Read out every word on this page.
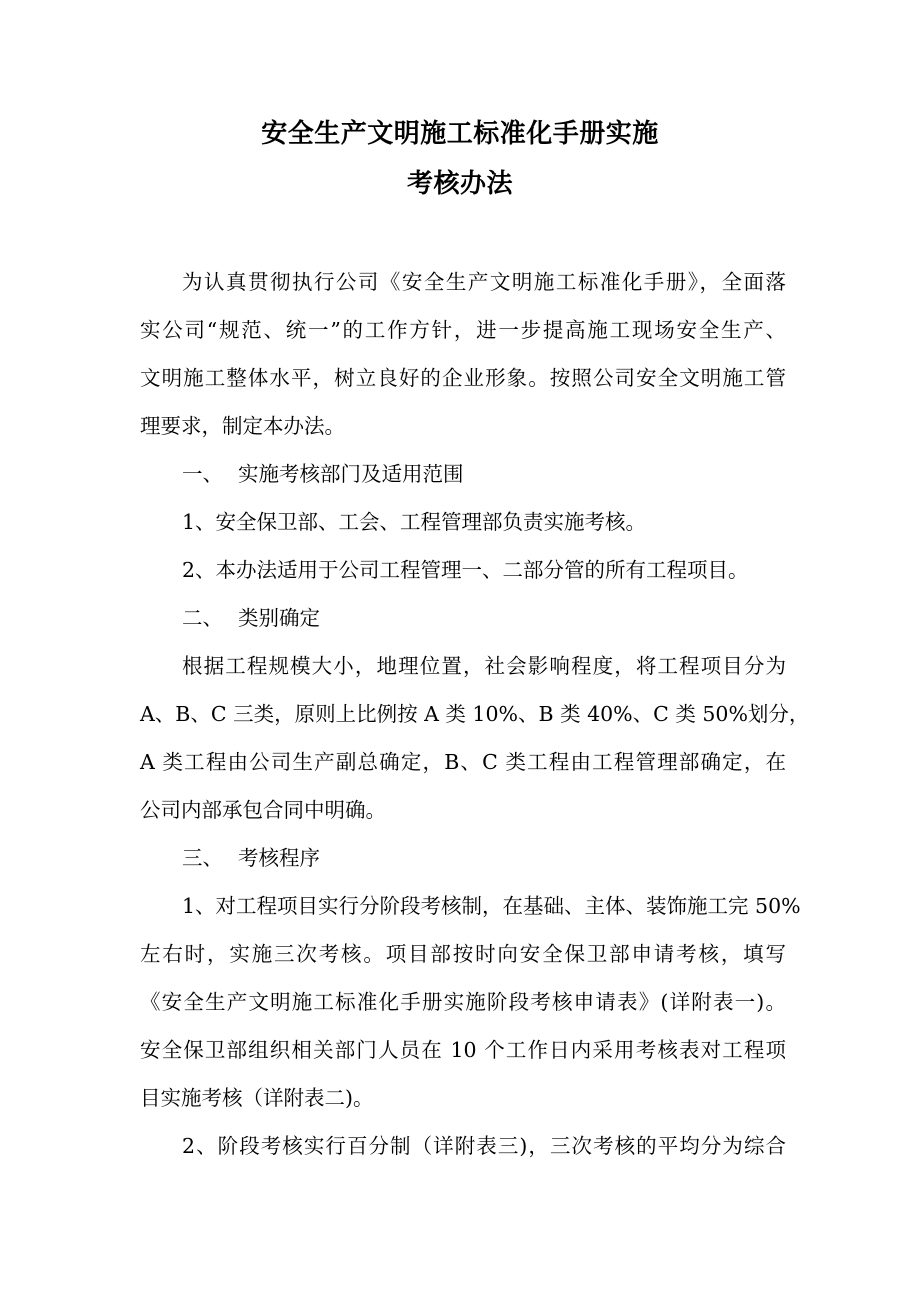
安全生产文明施工标准化手册实施
考核办法
为认真贯彻执行公司《安全生产文明施工标准化手册》，全面落
实公司“规范、统一”的工作方针，进一步提高施工现场安全生产、
文明施工整体水平，树立良好的企业形象。按照公司安全文明施工管
理要求，制定本办法。
一、 实施考核部门及适用范围
1、安全保卫部、工会、工程管理部负责实施考核。
2、本办法适用于公司工程管理一、二部分管的所有工程项目。
二、 类别确定
根据工程规模大小，地理位置，社会影响程度，将工程项目分为
A、B、C 三类，原则上比例按 A 类 10%、B 类 40%、C 类 50%划分，
A 类工程由公司生产副总确定，B、C 类工程由工程管理部确定，在
公司内部承包合同中明确。
三、 考核程序
1、对工程项目实行分阶段考核制，在基础、主体、装饰施工完 50%
左右时，实施三次考核。项目部按时向安全保卫部申请考核，填写
《安全生产文明施工标准化手册实施阶段考核申请表》(详附表一)。
安全保卫部组织相关部门人员在 10 个工作日内采用考核表对工程项
目实施考核（详附表二)。
2、阶段考核实行百分制（详附表三)，三次考核的平均分为综合
